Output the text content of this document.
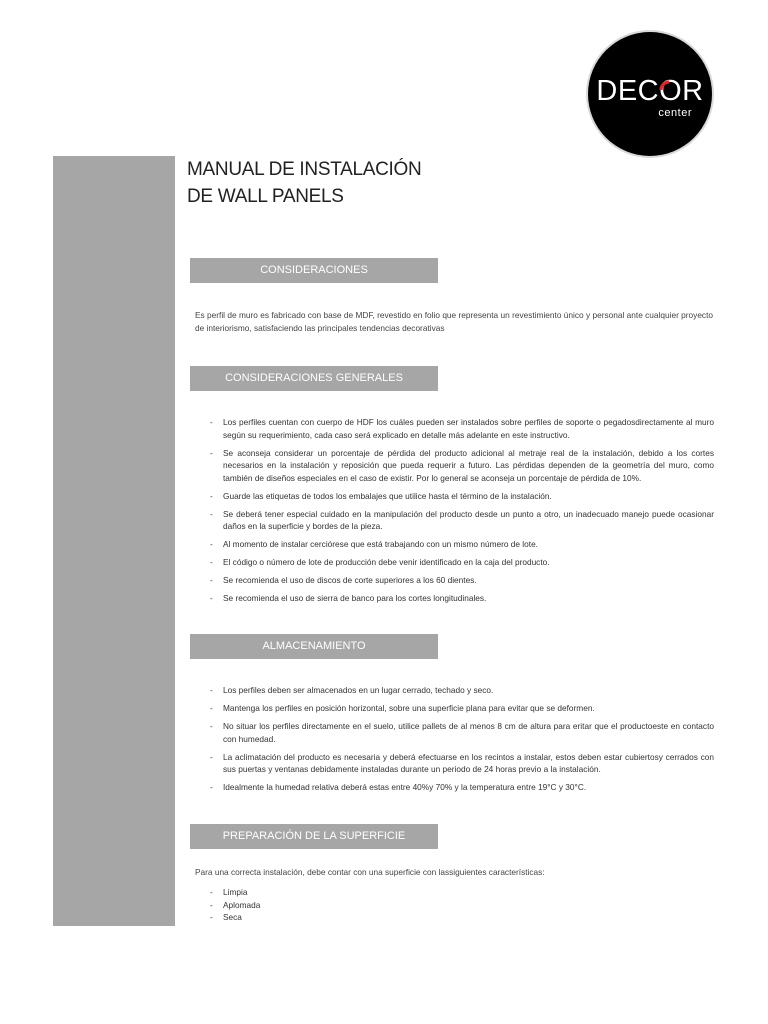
DECO
R
center
MANUAL DE INSTALACIÓN
DE WALL PANELS
CONSIDERACIONES
Es perfil de muro es fabricado con base de MDF, revestido en folio que representa un revestimiento único y personal ante cualquier proyecto de interiorismo, satisfaciendo las principales tendencias decorativas
CONSIDERACIONES GENERALES
- Los perfiles cuentan con cuerpo de HDF los cuáles pueden ser instalados sobre perfiles de soporte o pegadosdirectamente al muro según su requerimiento, cada caso será explicado en detalle más adelante en este instructivo.
- Se aconseja considerar un porcentaje de pérdida del producto adicional al metraje real de la instalación, debido a los cortes necesarios en la instalación y reposición que pueda requerir a futuro. Las pérdidas dependen de la geometría del muro, como también de diseños especiales en el caso de existir. Por lo general se aconseja un porcentaje de pérdida de 10%.
- Guarde las etiquetas de todos los embalajes que utilice hasta el término de la instalación.
- Se deberá tener especial cuidado en la manipulación del producto desde un punto a otro, un inadecuado manejo puede ocasionar daños en la superficie y bordes de la pieza.
- Al momento de instalar cerciórese que está trabajando con un mismo número de lote.
- El código o número de lote de producción debe venir identificado en la caja del producto.
- Se recomienda el uso de discos de corte superiores a los 60 dientes.
- Se recomienda el uso de sierra de banco para los cortes longitudinales.
ALMACENAMIENTO
- Los perfiles deben ser almacenados en un lugar cerrado, techado y seco.
- Mantenga los perfiles en posición horizontal, sobre una superficie plana para evitar que se deformen.
- No situar los perfiles directamente en el suelo, utilice pallets de al menos 8 cm de altura para eritar que el productoeste en contacto con humedad.
- La aclimatación del producto es necesaria y deberá efectuarse en los recintos a instalar, estos deben estar cubiertosy cerrados con sus puertas y ventanas debidamente instaladas durante un periodo de 24 horas previo a la instalación.
- Idealmente la humedad relativa deberá estas entre 40%y 70% y la temperatura entre 19°C y 30°C.
PREPARACIÓN DE LA SUPERFICIE
Para una correcta instalación, debe contar con una superficie con lassiguientes características:
- Limpia
- Aplomada
- Seca
